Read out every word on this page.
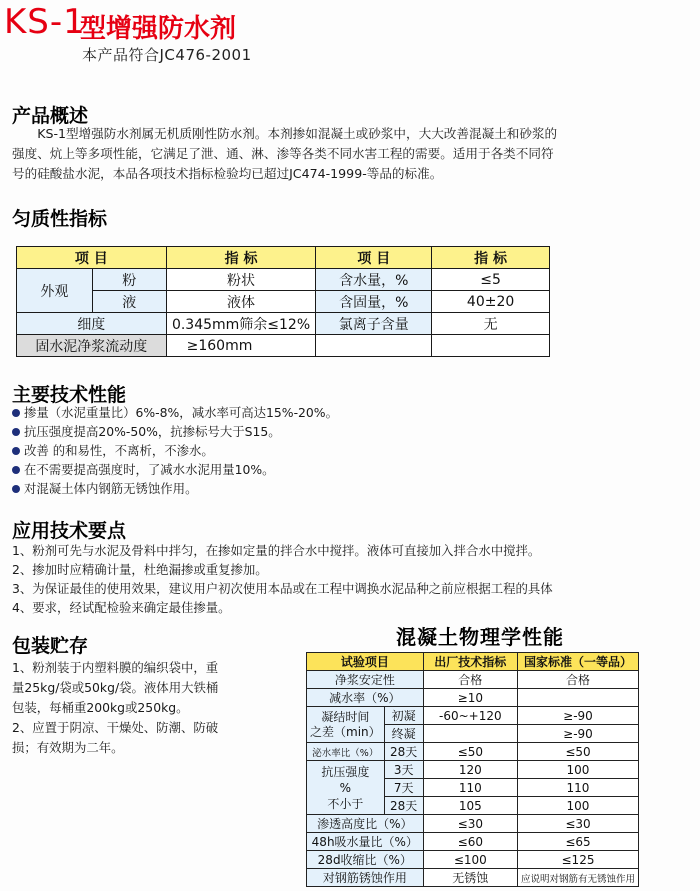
KS-1
型增强防水剂
本产品符合JC476-2001
产品概述
KS-1型增强防水剂属无机质刚性防水剂。本剂掺如混凝土或砂浆中，大大改善混凝土和砂浆的
强度、炕上等多项性能，它满足了泄、通、淋、渗等各类不同水害工程的需要。适用于各类不同符
号的硅酸盐水泥，本品各项技术指标检验均已超过JC474-1999-等品的标准。
匀质性指标
项 目		指 标	项 目	指 标
外观	粉	粉状	含水量，%	≤5
	液	液体	含固量，%	40±20
细度		0.345mm筛余≤12%	氯离子含量	无
固水泥净浆流动度		≥160mm		
主要技术性能
掺量（水泥重量比）6%-8%，减水率可高达15%-20%。
抗压强度提高20%-50%，抗掺标号大于S15。
改善 的和易性，不离析，不渗水。
在不需要提高强度时，了减水水泥用量10%。
对混凝土体内钢筋无锈蚀作用。
应用技术要点
1、粉剂可先与水泥及骨料中拌匀，在掺如定量的拌合水中搅拌。液体可直接加入拌合水中搅拌。
2、掺加时应精确计量，杜绝漏掺或重复掺加。
3、为保证最佳的使用效果，建议用户初次使用本品或在工程中调换水泥品种之前应根据工程的具体
4、要求，经试配检验来确定最佳掺量。
包装贮存
1、粉剂装于内塑料膜的编织袋中，重
量25kg/袋或50kg/袋。液体用大铁桶
包装，每桶重200kg或250kg。
2、应置于阴凉、干燥处、防潮、防破
损；有效期为二年。
混凝土物理学性能
试验项目		出厂技术指标	国家标准（一等品）
净浆安定性		合格	合格
减水率（%）		≥10	

凝结时间
之差（min）	初凝	-60~+120	≥-90
	终凝		≥-90
泌水率比（%）	28天	≤50	≤50

抗压强度
%
不小于	3天	120	100
	7天	110	110
	28天	105	100
渗透高度比（%）		≤30	≤30
48h吸水量比（%）		≤60	≤65
28d收缩比（%）		≤100	≤125
对钢筋锈蚀作用		无锈蚀	应说明对钢筋有无锈蚀作用
